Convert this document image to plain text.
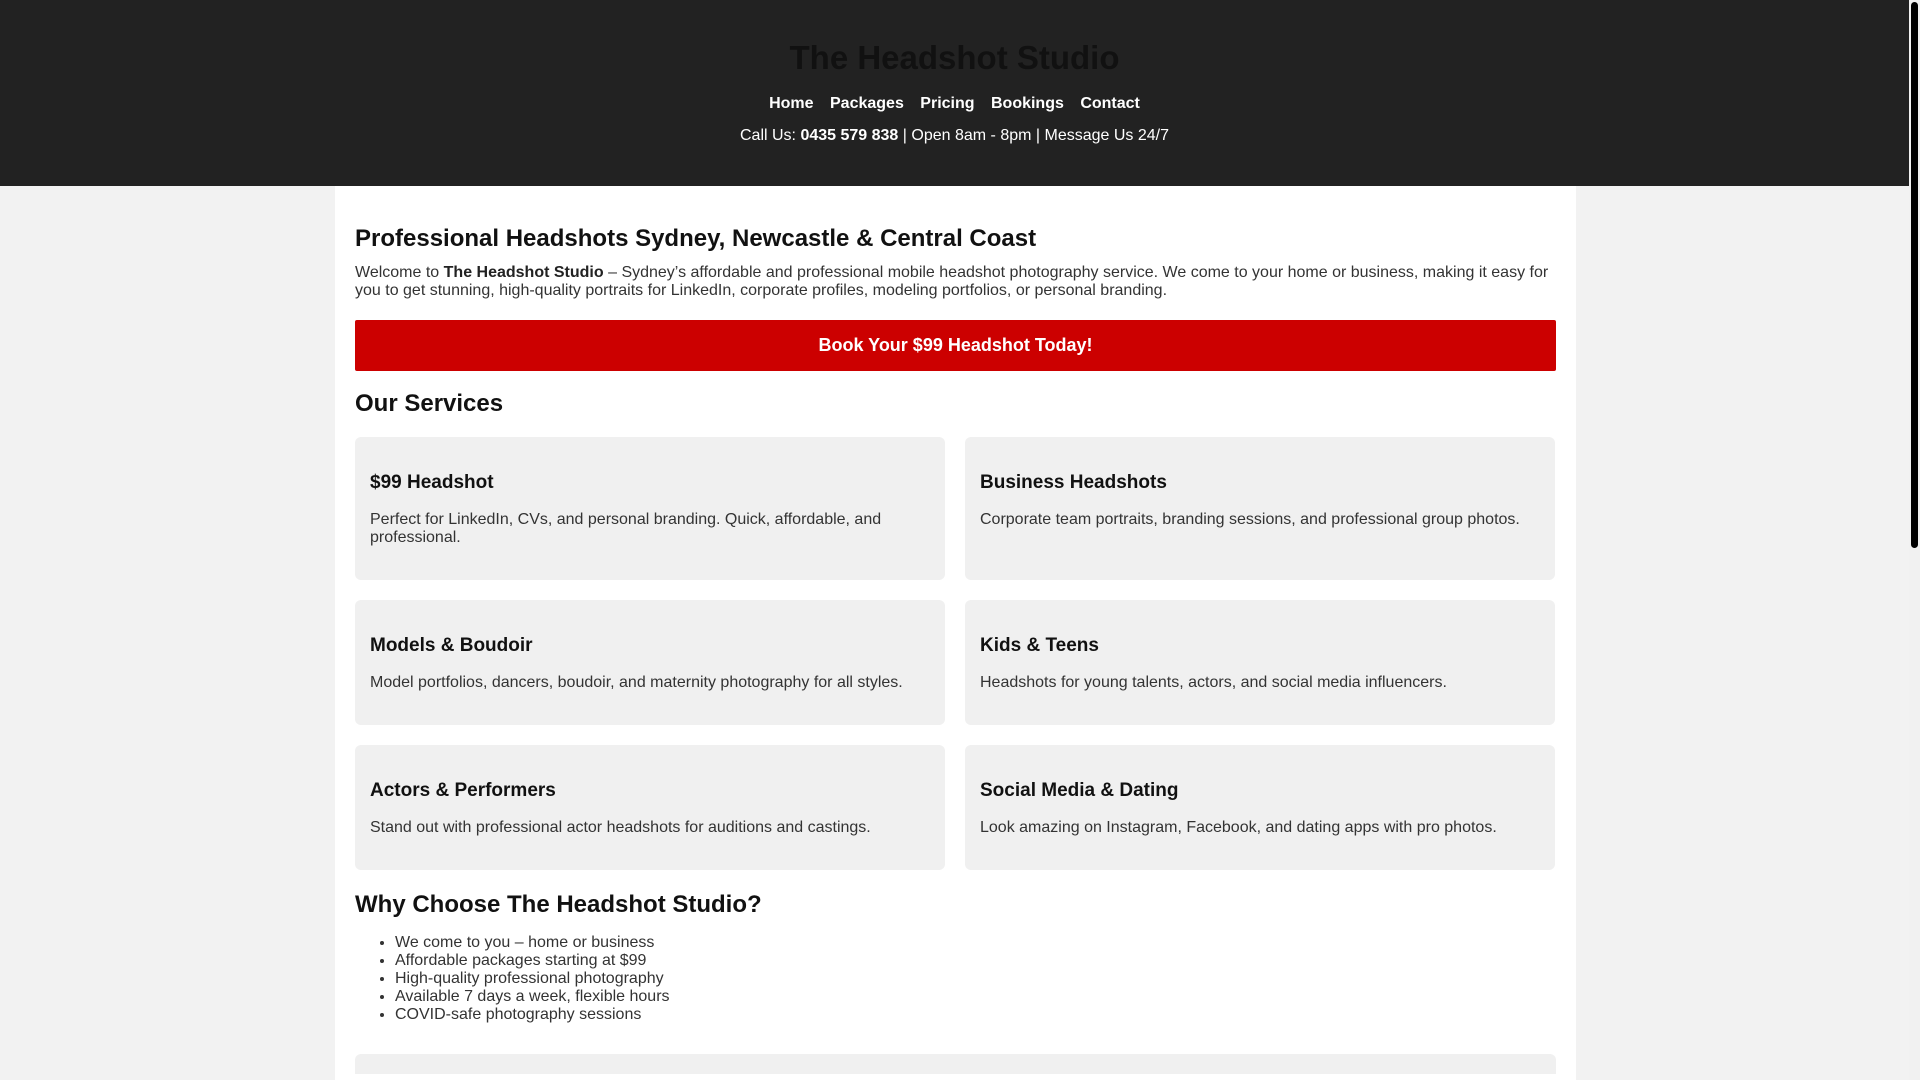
The Headshot Studio
Home Packages Pricing Bookings Contact
Call Us: 0435 579 838 | Open 8am - 8pm | Message Us 24/7
Professional Headshots Sydney, Newcastle & Central Coast

Welcome to The Headshot Studio – Sydney’s affordable and professional mobile headshot photography service. We come to your home or business, making it easy for you to get stunning, high-quality portraits for LinkedIn, corporate profiles, modeling portfolios, or personal branding.

Book Your $99 Headshot Today!
Our Services
$99 Headshot

Perfect for LinkedIn, CVs, and personal branding. Quick, affordable, and professional.

Business Headshots

Corporate team portraits, branding sessions, and professional group photos.

Models & Boudoir

Model portfolios, dancers, boudoir, and maternity photography for all styles.

Kids & Teens

Headshots for young talents, actors, and social media influencers.

Actors & Performers

Stand out with professional actor headshots for auditions and castings.

Social Media & Dating

Look amazing on Instagram, Facebook, and dating apps with pro photos.

Why Choose The Headshot Studio?
• We come to you – home or business
• Affordable packages starting at $99
• High-quality professional photography
• Available 7 days a week, flexible hours
• COVID-safe photography sessions
